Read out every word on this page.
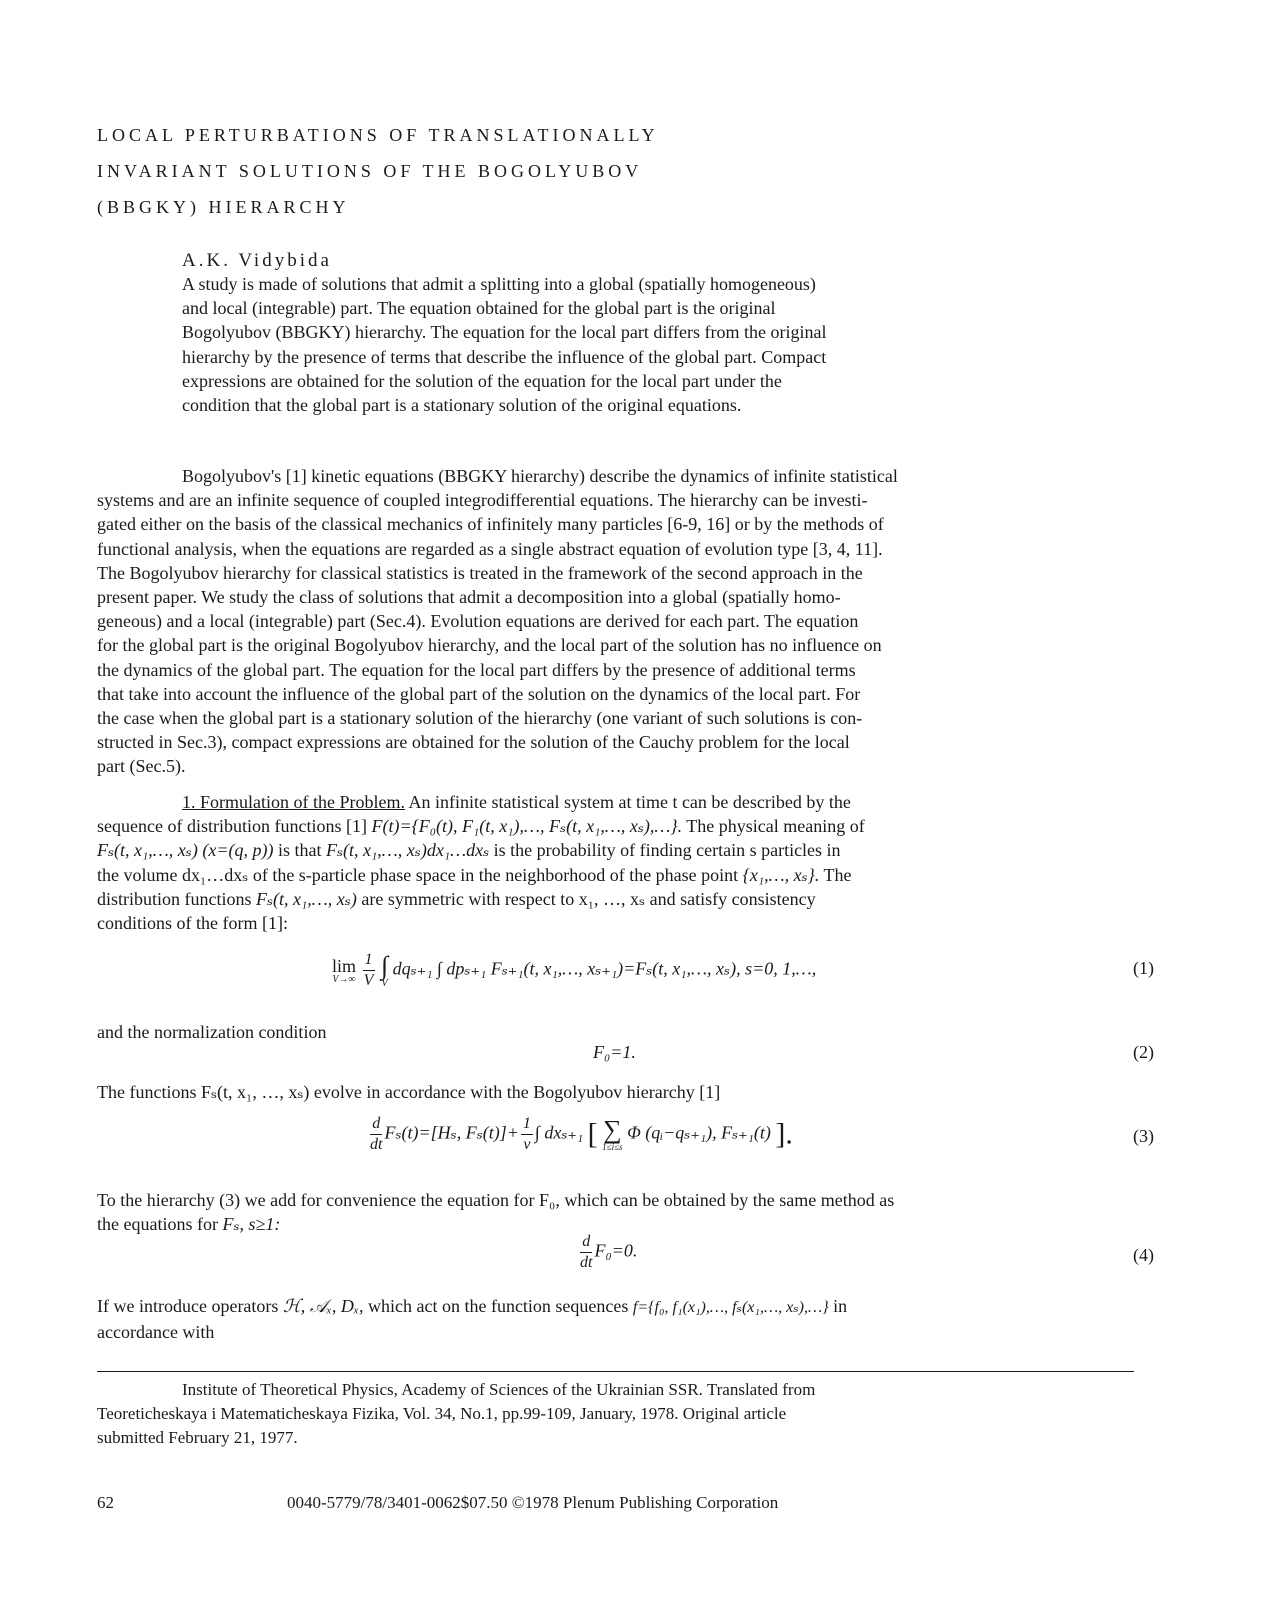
LOCAL PERTURBATIONS OF TRANSLATIONALLY
INVARIANT SOLUTIONS OF THE BOGOLYUBOV
(BBGKY) HIERARCHY
A.K. Vidybida
A study is made of solutions that admit a splitting into a global (spatially homogeneous)
and local (integrable) part. The equation obtained for the global part is the original
Bogolyubov (BBGKY) hierarchy. The equation for the local part differs from the original
hierarchy by the presence of terms that describe the influence of the global part. Compact
expressions are obtained for the solution of the equation for the local part under the
condition that the global part is a stationary solution of the original equations.
Bogolyubov's [1] kinetic equations (BBGKY hierarchy) describe the dynamics of infinite statistical
systems and are an infinite sequence of coupled integrodifferential equations. The hierarchy can be investi-
gated either on the basis of the classical mechanics of infinitely many particles [6-9, 16] or by the methods of
functional analysis, when the equations are regarded as a single abstract equation of evolution type [3, 4, 11].
The Bogolyubov hierarchy for classical statistics is treated in the framework of the second approach in the
present paper. We study the class of solutions that admit a decomposition into a global (spatially homo-
geneous) and a local (integrable) part (Sec.4). Evolution equations are derived for each part. The equation
for the global part is the original Bogolyubov hierarchy, and the local part of the solution has no influence on
the dynamics of the global part. The equation for the local part differs by the presence of additional terms
that take into account the influence of the global part of the solution on the dynamics of the local part. For
the case when the global part is a stationary solution of the hierarchy (one variant of such solutions is con-
structed in Sec.3), compact expressions are obtained for the solution of the Cauchy problem for the local
part (Sec.5).
1. Formulation of the Problem. An infinite statistical system at time t can be described by the
sequence of distribution functions [1] F(t)={F₀(t), F₁(t, x₁),…, Fₛ(t, x₁,…, xₛ),…}. The physical meaning of
Fₛ(t, x₁,…, xₛ) (x=(q, p)) is that Fₛ(t, x₁,…, xₛ)dx₁…dxₛ is the probability of finding certain s particles in
the volume dx₁…dxₛ of the s-particle phase space in the neighborhood of the phase point {x₁,…, xₛ}. The
distribution functions Fₛ(t, x₁,…, xₛ) are symmetric with respect to x₁, …, xₛ and satisfy consistency
conditions of the form [1]:
lim
V→∞
$\frac{1}{V}$
∫
V
dqₛ₊₁ ∫ dpₛ₊₁ Fₛ₊₁(t, x₁,…, xₛ₊₁)=Fₛ(t, x₁,…, xₛ), s=0, 1,…,	(1)
and the normalization condition
F₀=1.	(2)
The functions Fₛ(t, x₁, …, xₛ) evolve in accordance with the Bogolyubov hierarchy [1]
$\frac{d}{dt} F_s(t)=[H_s$, $F_s(t)]+ \frac{1}{v}$ ∫ dxₛ₊₁ [ ∑
1≤i≤s
Φ (qᵢ−qₛ₊₁), Fₛ₊₁(t) ].	(3)
To the hierarchy (3) we add for convenience the equation for F₀, which can be obtained by the same method as
the equations for Fₛ, s≥1:
$\frac{d}{dt} F_0=0$.	(4)
If we introduce operators ℋ, 𝒜ₓ, Dₓ, which act on the function sequences f={f₀, f₁(x₁),…, fₛ(x₁,…, xₛ),…} in
accordance with
Institute of Theoretical Physics, Academy of Sciences of the Ukrainian SSR. Translated from
Teoreticheskaya i Matematicheskaya Fizika, Vol. 34, No.1, pp.99-109, January, 1978. Original article
submitted February 21, 1977.
62	0040-5779/78/3401-0062$07.50 ©1978 Plenum Publishing Corporation
